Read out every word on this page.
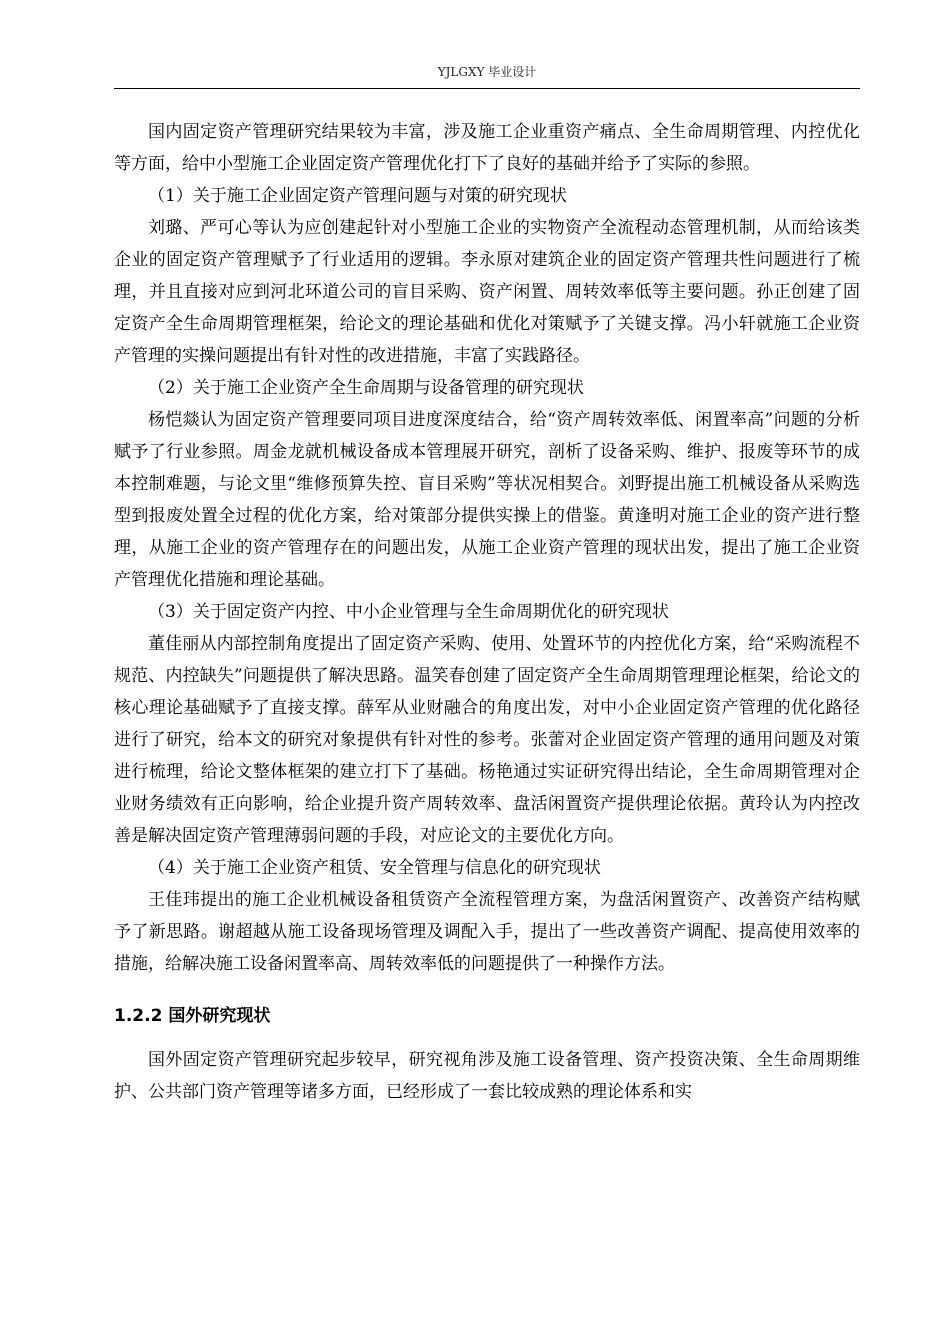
YJLGXY 毕业设计

国内固定资产管理研究结果较为丰富，涉及施工企业重资产痛点、全生命周期管理、内控优化等方面，给中小型施工企业固定资产管理优化打下了良好的基础并给予了实际的参照。

（1）关于施工企业固定资产管理问题与对策的研究现状

刘璐、严可心等认为应创建起针对小型施工企业的实物资产全流程动态管理机制，从而给该类企业的固定资产管理赋予了行业适用的逻辑。李永原对建筑企业的固定资产管理共性问题进行了梳理，并且直接对应到河北环道公司的盲目采购、资产闲置、周转效率低等主要问题。孙正创建了固定资产全生命周期管理框架，给论文的理论基础和优化对策赋予了关键支撑。冯小轩就施工企业资产管理的实操问题提出有针对性的改进措施，丰富了实践路径。

（2）关于施工企业资产全生命周期与设备管理的研究现状

杨恺燚认为固定资产管理要同项目进度深度结合，给“资产周转效率低、闲置率高”问题的分析赋予了行业参照。周金龙就机械设备成本管理展开研究，剖析了设备采购、维护、报废等环节的成本控制难题，与论文里“维修预算失控、盲目采购”等状况相契合。刘野提出施工机械设备从采购选型到报废处置全过程的优化方案，给对策部分提供实操上的借鉴。黄逢明对施工企业的资产进行整理，从施工企业的资产管理存在的问题出发，从施工企业资产管理的现状出发，提出了施工企业资产管理优化措施和理论基础。

（3）关于固定资产内控、中小企业管理与全生命周期优化的研究现状

董佳丽从内部控制角度提出了固定资产采购、使用、处置环节的内控优化方案，给“采购流程不规范、内控缺失”问题提供了解决思路。温笑春创建了固定资产全生命周期管理理论框架，给论文的核心理论基础赋予了直接支撑。薛军从业财融合的角度出发，对中小企业固定资产管理的优化路径进行了研究，给本文的研究对象提供有针对性的参考。张蕾对企业固定资产管理的通用问题及对策进行梳理，给论文整体框架的建立打下了基础。杨艳通过实证研究得出结论，全生命周期管理对企业财务绩效有正向影响，给企业提升资产周转效率、盘活闲置资产提供理论依据。黄玲认为内控改善是解决固定资产管理薄弱问题的手段，对应论文的主要优化方向。

（4）关于施工企业资产租赁、安全管理与信息化的研究现状

王佳玮提出的施工企业机械设备租赁资产全流程管理方案，为盘活闲置资产、改善资产结构赋予了新思路。谢超越从施工设备现场管理及调配入手，提出了一些改善资产调配、提高使用效率的措施，给解决施工设备闲置率高、周转效率低的问题提供了一种操作方法。

1.2.2 国外研究现状

国外固定资产管理研究起步较早，研究视角涉及施工设备管理、资产投资决策、全生命周期维护、公共部门资产管理等诸多方面，已经形成了一套比较成熟的理论体系和实
